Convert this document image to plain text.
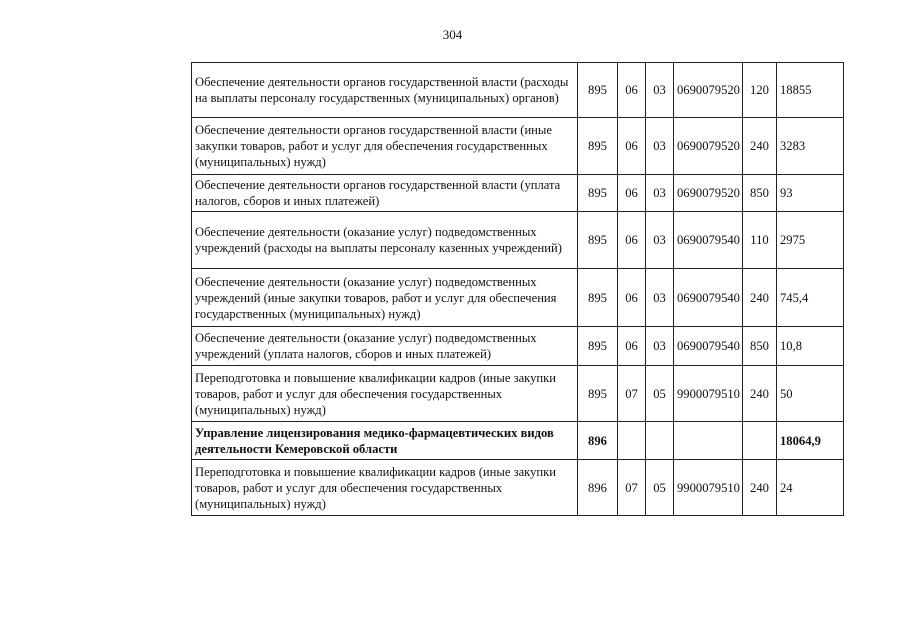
304
Обеспечение деятельности органов государственной власти (расходы на выплаты персоналу государственных (муниципальных) органов)	895	06	03	0690079520	120	18855
Обеспечение деятельности органов государственной власти (иные закупки товаров, работ и услуг для обеспечения государственных (муниципальных) нужд)	895	06	03	0690079520	240	3283
Обеспечение деятельности органов государственной власти (уплата налогов, сборов и иных платежей)	895	06	03	0690079520	850	93
Обеспечение деятельности (оказание услуг) подведомственных учреждений (расходы на выплаты персоналу казенных учреждений)	895	06	03	0690079540	110	2975
Обеспечение деятельности (оказание услуг) подведомственных учреждений (иные закупки товаров, работ и услуг для обеспечения государственных (муниципальных) нужд)	895	06	03	0690079540	240	745,4
Обеспечение деятельности (оказание услуг) подведомственных учреждений (уплата налогов, сборов и иных платежей)	895	06	03	0690079540	850	10,8
Переподготовка и повышение квалификации кадров (иные закупки товаров, работ и услуг для обеспечения государственных (муниципальных) нужд)	895	07	05	9900079510	240	50
Управление лицензирования медико-фармацевтических видов деятельности Кемеровской области	896					18064,9
Переподготовка и повышение квалификации кадров (иные закупки товаров, работ и услуг для обеспечения государственных (муниципальных) нужд)	896	07	05	9900079510	240	24
